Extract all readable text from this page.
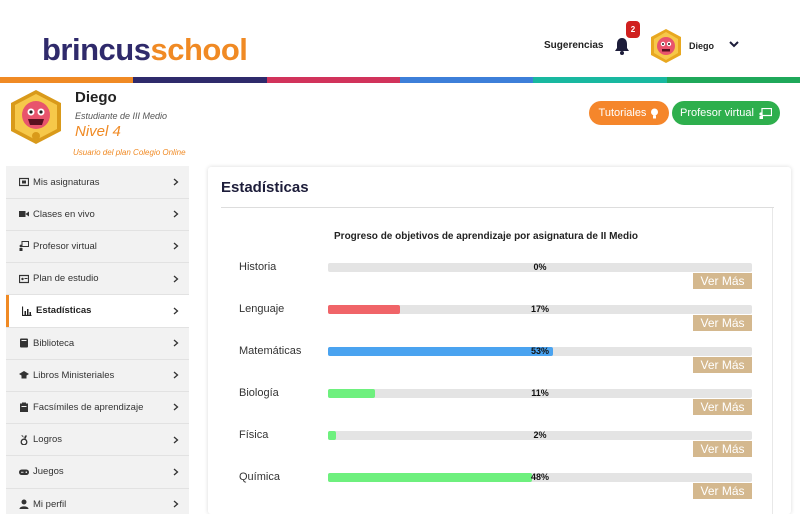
brincusschool	Sugerencias
2
Diego
Diego
Estudiante de III Medio
Nivel 4
Usuario del plan Colegio Online
Tutoriales	Profesor virtual
Mis asignaturas
Clases en vivo
Profesor virtual
Plan de estudio
Estadísticas
Biblioteca
Libros Ministeriales
Facsímiles de aprendizaje
Logros
Juegos
Mi perfil
Estadísticas
Progreso de objetivos de aprendizaje por asignatura de II Medio
Historia	0%
Ver Más
Lenguaje	17%
Ver Más
Matemáticas	53%
Ver Más
Biología	11%
Ver Más
Física	2%
Ver Más
Química	48%
Ver Más
